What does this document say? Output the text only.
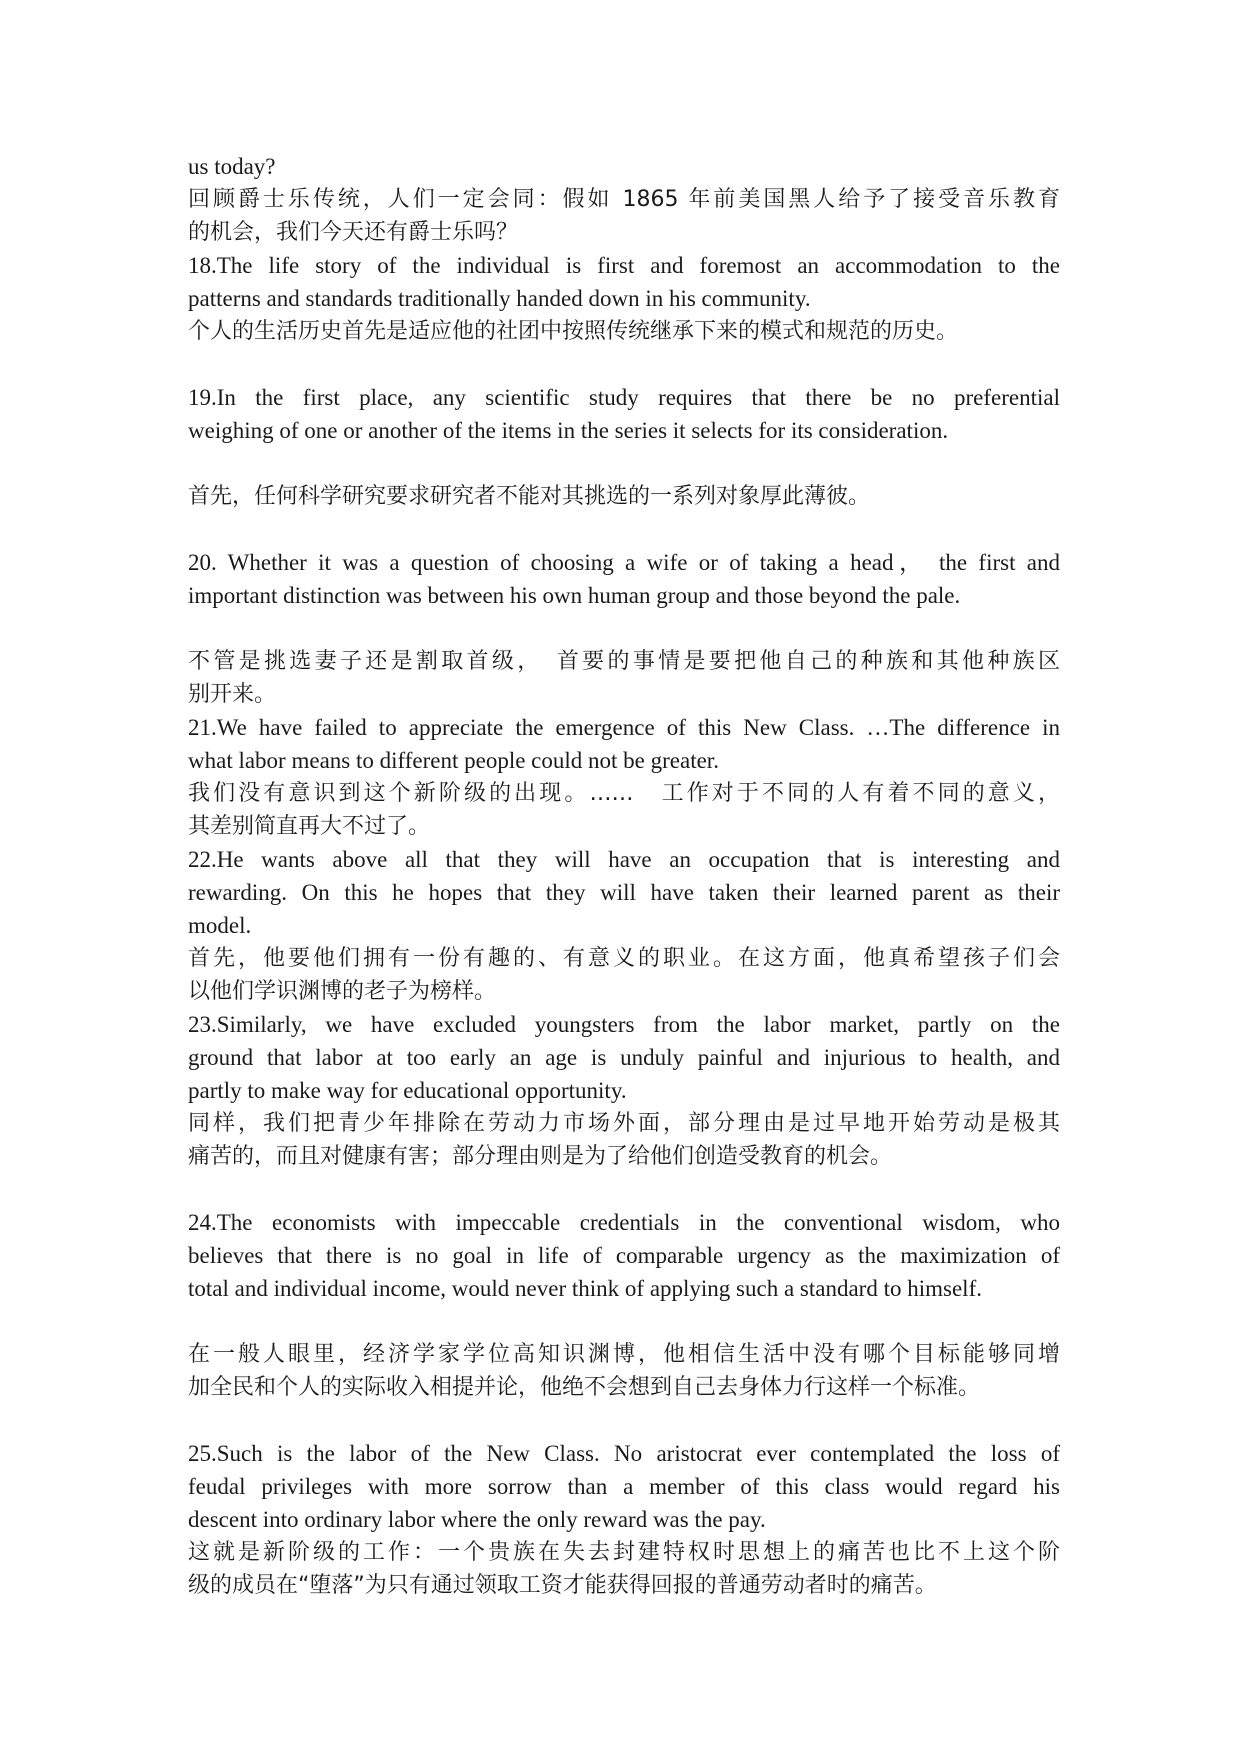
us today?
回顾爵士乐传统，人们一定会同：假如 1865 年前美国黑人给予了接受音乐教育
的机会，我们今天还有爵士乐吗？
18.The life story of the individual is first and foremost an accommodation to the
patterns and standards traditionally handed down in his community.
个人的生活历史首先是适应他的社团中按照传统继承下来的模式和规范的历史。
19.In the first place, any scientific study requires that there be no preferential
weighing of one or another of the items in the series it selects for its consideration.
首先，任何科学研究要求研究者不能对其挑选的一系列对象厚此薄彼。
20. Whether it was a question of choosing a wife or of taking a head， the first and
important distinction was between his own human group and those beyond the pale.
不管是挑选妻子还是割取首级，　首要的事情是要把他自己的种族和其他种族区
别开来。
21.We have failed to appreciate the emergence of this New Class. …The difference in
what labor means to different people could not be greater.
我们没有意识到这个新阶级的出现。……　工作对于不同的人有着不同的意义，
其差别简直再大不过了。
22.He wants above all that they will have an occupation that is interesting and
rewarding. On this he hopes that they will have taken their learned parent as their
model.
首先，他要他们拥有一份有趣的、有意义的职业。在这方面，他真希望孩子们会
以他们学识渊博的老子为榜样。
23.Similarly, we have excluded youngsters from the labor market, partly on the
ground that labor at too early an age is unduly painful and injurious to health, and
partly to make way for educational opportunity.
同样，我们把青少年排除在劳动力市场外面，部分理由是过早地开始劳动是极其
痛苦的，而且对健康有害；部分理由则是为了给他们创造受教育的机会。
24.The economists with impeccable credentials in the conventional wisdom, who
believes that there is no goal in life of comparable urgency as the maximization of
total and individual income, would never think of applying such a standard to himself.
在一般人眼里，经济学家学位高知识渊博，他相信生活中没有哪个目标能够同增
加全民和个人的实际收入相提并论，他绝不会想到自己去身体力行这样一个标准。
25.Such is the labor of the New Class. No aristocrat ever contemplated the loss of
feudal privileges with more sorrow than a member of this class would regard his
descent into ordinary labor where the only reward was the pay.
这就是新阶级的工作：一个贵族在失去封建特权时思想上的痛苦也比不上这个阶
级的成员在“堕落”为只有通过领取工资才能获得回报的普通劳动者时的痛苦。
